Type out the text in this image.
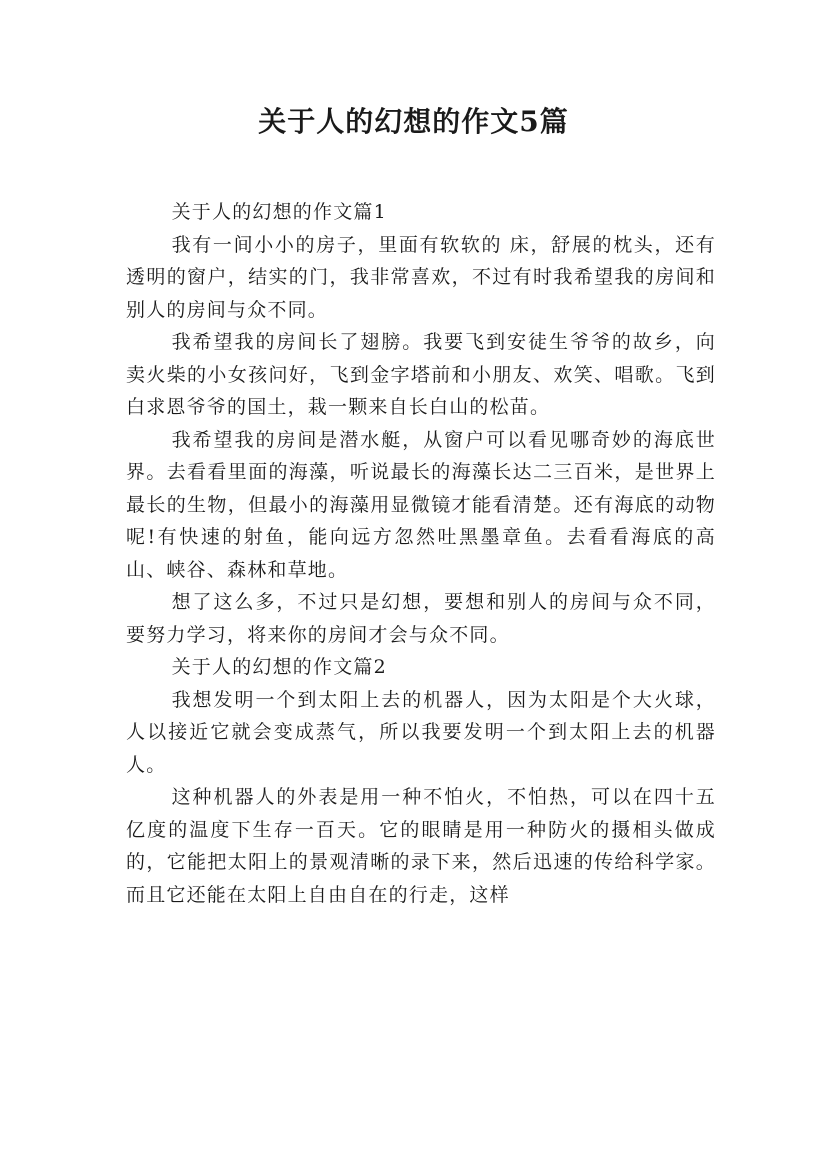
关于人的幻想的作文5篇

关于人的幻想的作文篇1

我有一间小小的房子，里面有软软的 床，舒展的枕头，还有透明的窗户，结实的门，我非常喜欢，不过有时我希望我的房间和别人的房间与众不同。

我希望我的房间长了翅膀。我要飞到安徒生爷爷的故乡，向卖火柴的小女孩问好，飞到金字塔前和小朋友、欢笑、唱歌。飞到白求恩爷爷的国土，栽一颗来自长白山的松苗。

我希望我的房间是潜水艇，从窗户可以看见哪奇妙的海底世界。去看看里面的海藻，听说最长的海藻长达二三百米，是世界上最长的生物，但最小的海藻用显微镜才能看清楚。还有海底的动物呢!有快速的射鱼，能向远方忽然吐黑墨章鱼。去看看海底的高山、峡谷、森林和草地。

想了这么多，不过只是幻想，要想和别人的房间与众不同，要努力学习，将来你的房间才会与众不同。

关于人的幻想的作文篇2

我想发明一个到太阳上去的机器人，因为太阳是个大火球，人以接近它就会变成蒸气，所以我要发明一个到太阳上去的机器人。

这种机器人的外表是用一种不怕火，不怕热，可以在四十五亿度的温度下生存一百天。它的眼睛是用一种防火的摄相头做成的，它能把太阳上的景观清晰的录下来，然后迅速的传给科学家。而且它还能在太阳上自由自在的行走，这样
